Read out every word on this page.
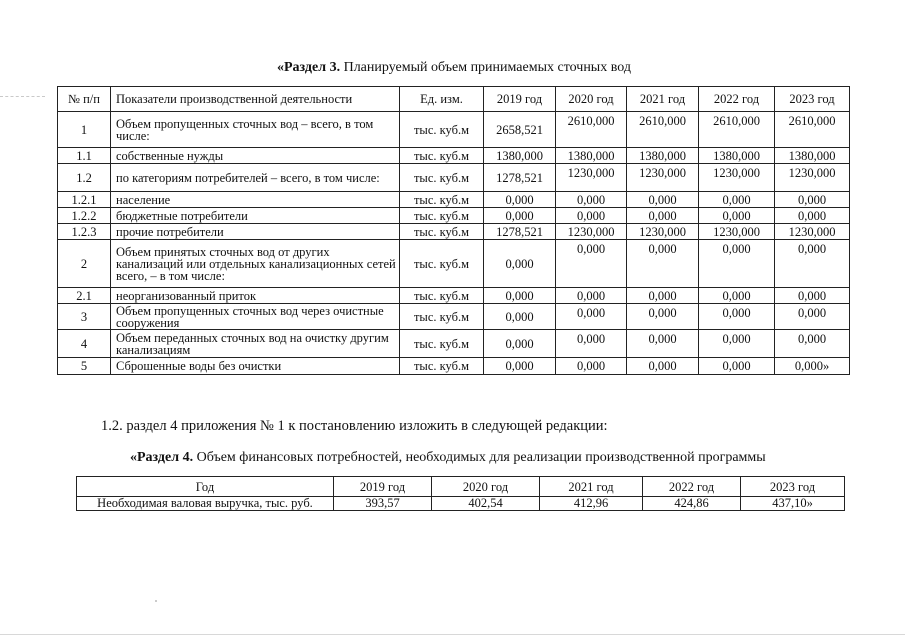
«Раздел 3. Планируемый объем принимаемых сточных вод
№ п/п	Показатели производственной деятельности	Ед. изм.	2019 год	2020 год	2021 год	2022 год	2023 год
1	Объем пропущенных сточных вод – всего, в том числе:	тыс. куб.м	2658,521	2610,000	2610,000	2610,000	2610,000
1.1	собственные нужды	тыс. куб.м	1380,000	1380,000	1380,000	1380,000	1380,000
1.2	по категориям потребителей – всего, в том числе:	тыс. куб.м	1278,521	1230,000	1230,000	1230,000	1230,000
1.2.1	население	тыс. куб.м	0,000	0,000	0,000	0,000	0,000
1.2.2	бюджетные потребители	тыс. куб.м	0,000	0,000	0,000	0,000	0,000
1.2.3	прочие потребители	тыс. куб.м	1278,521	1230,000	1230,000	1230,000	1230,000
2	Объем принятых сточных вод от других канализаций или отдельных канализационных сетей всего, – в том числе:	тыс. куб.м	0,000	0,000	0,000	0,000	0,000
2.1	неорганизованный приток	тыс. куб.м	0,000	0,000	0,000	0,000	0,000
3	Объем пропущенных сточных вод через очистные сооружения	тыс. куб.м	0,000	0,000	0,000	0,000	0,000
4	Объем переданных сточных вод на очистку другим канализациям	тыс. куб.м	0,000	0,000	0,000	0,000	0,000
5	Сброшенные воды без очистки	тыс. куб.м	0,000	0,000	0,000	0,000	0,000»
1.2. раздел 4 приложения № 1 к постановлению изложить в следующей редакции:
«Раздел 4. Объем финансовых потребностей, необходимых для реализации производственной программы
Год	2019 год	2020 год	2021 год	2022 год	2023 год
Необходимая валовая выручка, тыс. руб.	393,57	402,54	412,96	424,86	437,10»
